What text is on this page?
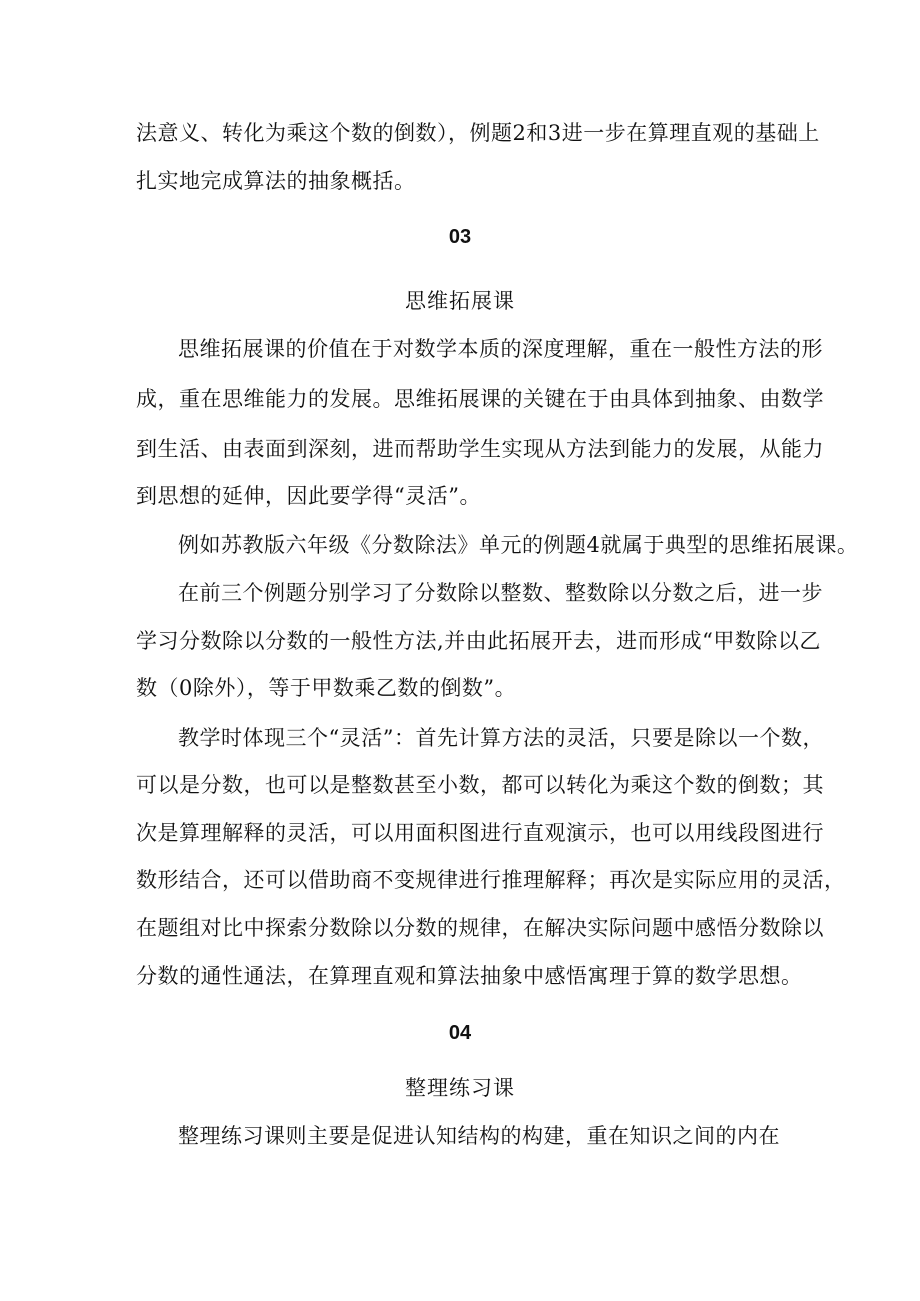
法意义、转化为乘这个数的倒数），例题2和3进一步在算理直观的基础上
扎实地完成算法的抽象概括。
03
思维拓展课
思维拓展课的价值在于对数学本质的深度理解，重在一般性方法的形
成，重在思维能力的发展。思维拓展课的关键在于由具体到抽象、由数学
到生活、由表面到深刻，进而帮助学生实现从方法到能力的发展，从能力
到思想的延伸，因此要学得“灵活”。
例如苏教版六年级《分数除法》单元的例题4就属于典型的思维拓展课。
在前三个例题分别学习了分数除以整数、整数除以分数之后，进一步
学习分数除以分数的一般性方法,并由此拓展开去，进而形成“甲数除以乙
数（0除外），等于甲数乘乙数的倒数”。
教学时体现三个“灵活”：首先计算方法的灵活，只要是除以一个数，
可以是分数，也可以是整数甚至小数，都可以转化为乘这个数的倒数；其
次是算理解释的灵活，可以用面积图进行直观演示，也可以用线段图进行
数形结合，还可以借助商不变规律进行推理解释；再次是实际应用的灵活，
在题组对比中探索分数除以分数的规律，在解决实际问题中感悟分数除以
分数的通性通法，在算理直观和算法抽象中感悟寓理于算的数学思想。
04
整理练习课
整理练习课则主要是促进认知结构的构建，重在知识之间的内在
